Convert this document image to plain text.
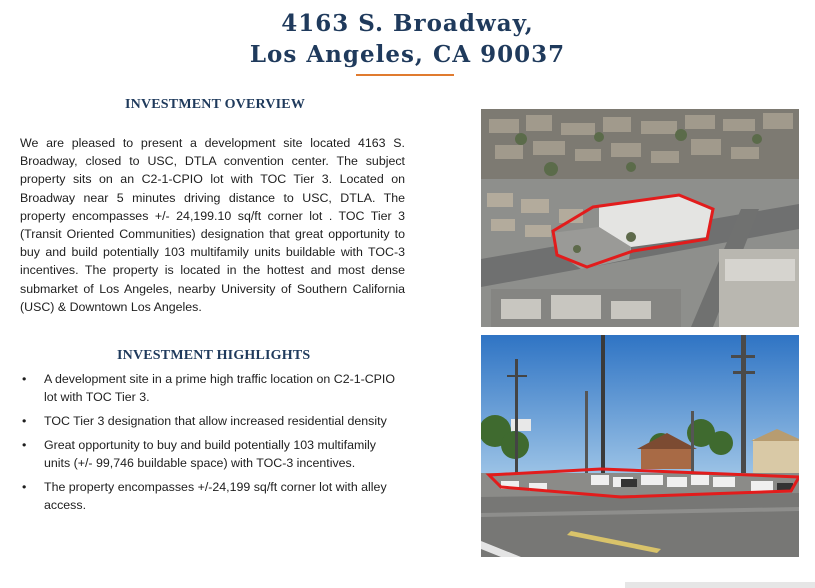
4163 S. Broadway,
Los Angeles, CA 90037
INVESTMENT OVERVIEW
We are pleased to present a development site located 4163 S. Broadway, closed to USC, DTLA convention center. The subject property sits on an C2-1-CPIO lot with TOC Tier 3. Located on Broadway near 5 minutes driving distance to USC, DTLA. The property encompasses +/- 24,199.10 sq/ft corner lot . TOC Tier 3 (Transit Oriented Communities) designation that great opportunity to buy and build potentially 103 multifamily units buildable with TOC-3 incentives. The property is located in the hottest and most dense submarket of Los Angeles, nearby University of Southern California (USC) & Downtown Los Angeles.
INVESTMENT HIGHLIGHTS
• A development site in a prime high traffic location on C2-1-CPIO lot with TOC Tier 3.
• TOC Tier 3 designation that allow increased residential density
• Great opportunity to buy and build potentially 103 multifamily units (+/- 99,746 buildable space) with TOC-3 incentives.
• The property encompasses +/-24,199 sq/ft corner lot with alley access.
